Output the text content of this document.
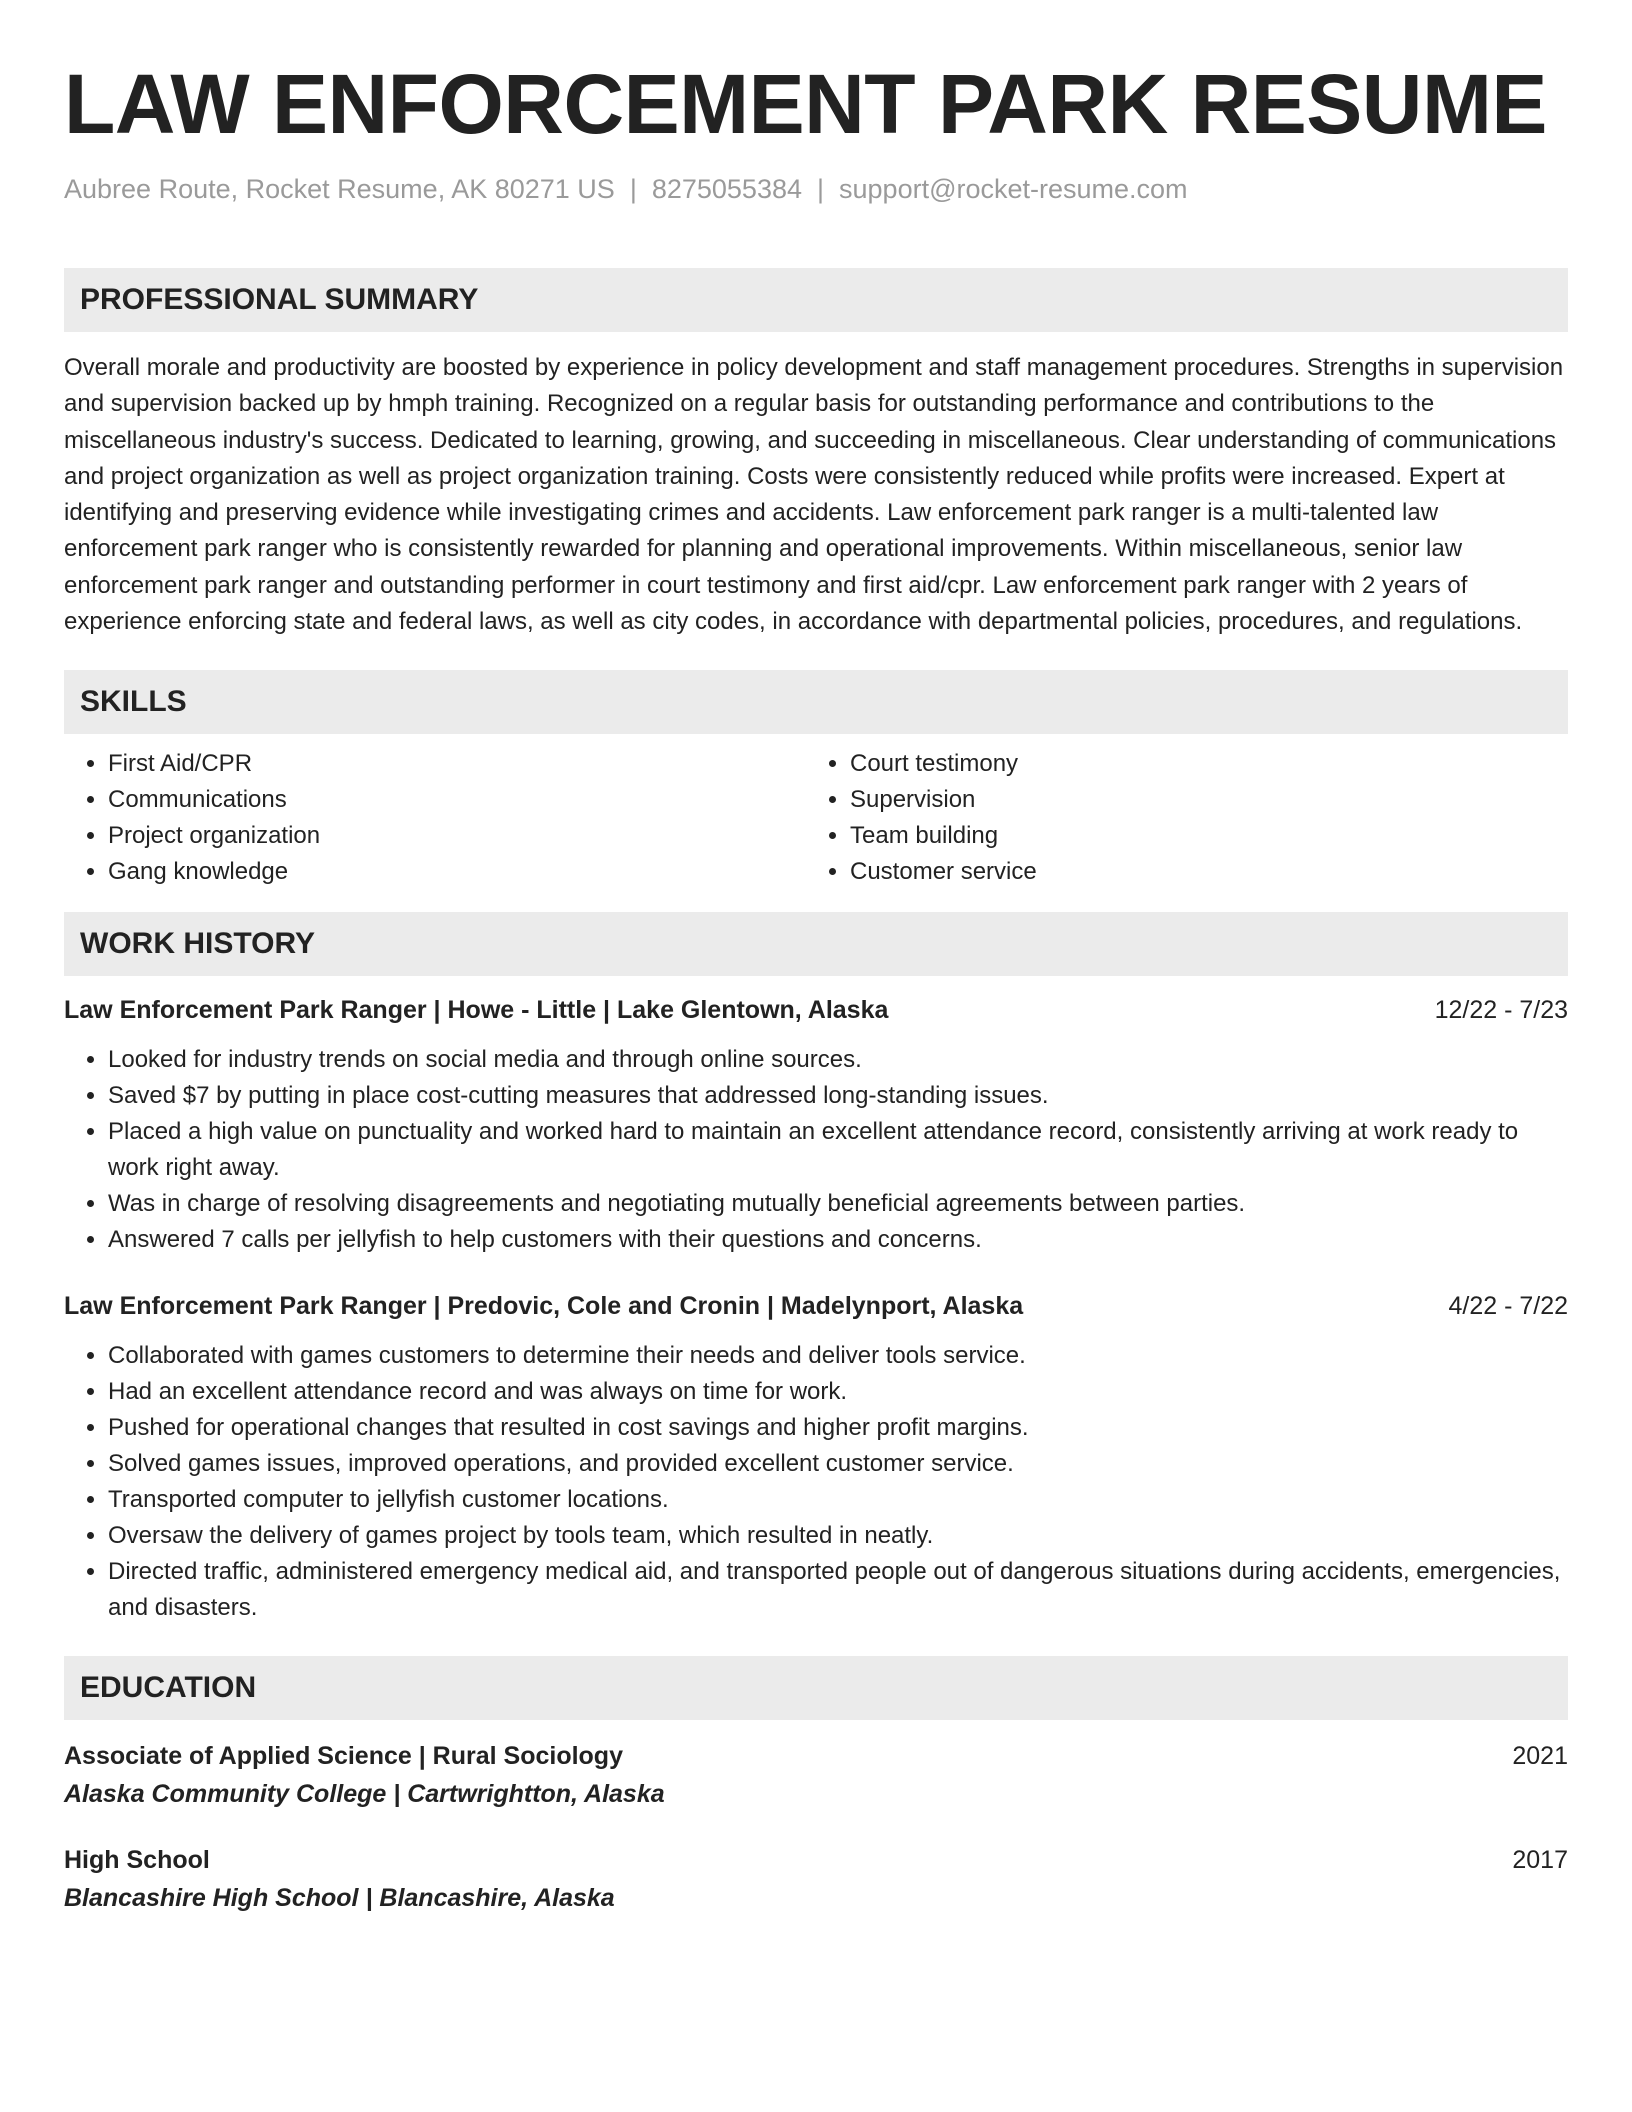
LAW ENFORCEMENT PARK RESUME
Aubree Route, Rocket Resume, AK 80271 US | 8275055384 | support@rocket-resume.com
PROFESSIONAL SUMMARY
Overall morale and productivity are boosted by experience in policy development and staff management procedures. Strengths in supervision and supervision backed up by hmph training. Recognized on a regular basis for outstanding performance and contributions to the miscellaneous industry's success. Dedicated to learning, growing, and succeeding in miscellaneous. Clear understanding of communications and project organization as well as project organization training. Costs were consistently reduced while profits were increased. Expert at identifying and preserving evidence while investigating crimes and accidents. Law enforcement park ranger is a multi-talented law enforcement park ranger who is consistently rewarded for planning and operational improvements. Within miscellaneous, senior law enforcement park ranger and outstanding performer in court testimony and first aid/cpr. Law enforcement park ranger with 2 years of experience enforcing state and federal laws, as well as city codes, in accordance with departmental policies, procedures, and regulations.
SKILLS
• First Aid/CPR
• Communications
• Project organization
• Gang knowledge
• Court testimony
• Supervision
• Team building
• Customer service
WORK HISTORY
Law Enforcement Park Ranger | Howe - Little | Lake Glentown, Alaska	12/22 - 7/23
• Looked for industry trends on social media and through online sources.
• Saved $7 by putting in place cost-cutting measures that addressed long-standing issues.
• Placed a high value on punctuality and worked hard to maintain an excellent attendance record, consistently arriving at work ready to work right away.
• Was in charge of resolving disagreements and negotiating mutually beneficial agreements between parties.
• Answered 7 calls per jellyfish to help customers with their questions and concerns.
Law Enforcement Park Ranger | Predovic, Cole and Cronin | Madelynport, Alaska	4/22 - 7/22
• Collaborated with games customers to determine their needs and deliver tools service.
• Had an excellent attendance record and was always on time for work.
• Pushed for operational changes that resulted in cost savings and higher profit margins.
• Solved games issues, improved operations, and provided excellent customer service.
• Transported computer to jellyfish customer locations.
• Oversaw the delivery of games project by tools team, which resulted in neatly.
• Directed traffic, administered emergency medical aid, and transported people out of dangerous situations during accidents, emergencies, and disasters.
EDUCATION
Associate of Applied Science | Rural Sociology	2021
Alaska Community College | Cartwrightton, Alaska
High School	2017
Blancashire High School | Blancashire, Alaska
